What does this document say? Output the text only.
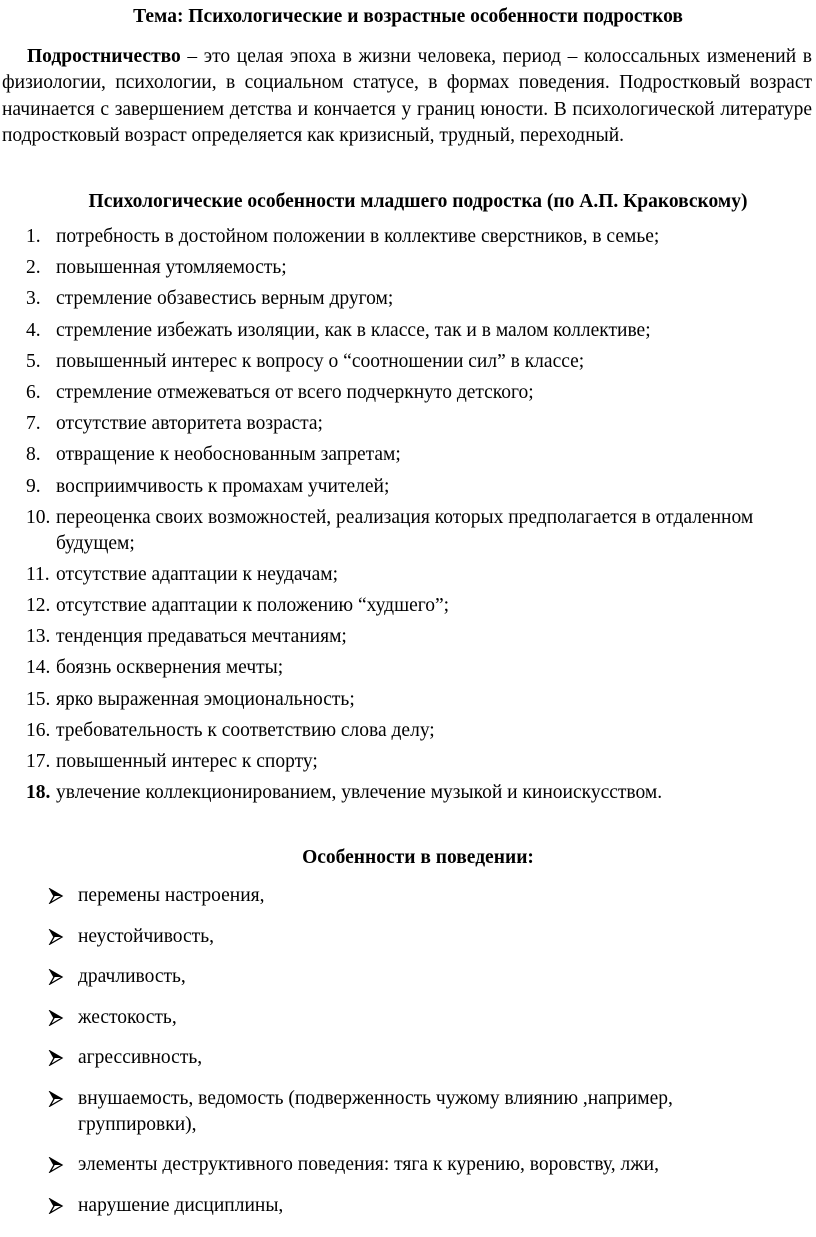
Тема: Психологические и возрастные особенности подростков

Подростничество – это целая эпоха в жизни человека, период – колоссальных изменений в физиологии, психологии, в социальном статусе, в формах поведения. Подростковый возраст начинается с завершением детства и кончается у границ юности. В психологической литературе подростковый возраст определяется как кризисный, трудный, переходный.

Психологические особенности младшего подростка (по А.П. Краковскому)
1. потребность в достойном положении в коллективе сверстников, в семье;
2. повышенная утомляемость;
3. стремление обзавестись верным другом;
4. стремление избежать изоляции, как в классе, так и в малом коллективе;
5. повышенный интерес к вопросу о “соотношении сил” в классе;
6. стремление отмежеваться от всего подчеркнуто детского;
7. отсутствие авторитета возраста;
8. отвращение к необоснованным запретам;
9. восприимчивость к промахам учителей;
10. переоценка своих возможностей, реализация которых предполагается в отдаленном будущем;
11. отсутствие адаптации к неудачам;
12. отсутствие адаптации к положению “худшего”;
13. тенденция предаваться мечтаниям;
14. боязнь осквернения мечты;
15. ярко выраженная эмоциональность;
16. требовательность к соответствию слова делу;
17. повышенный интерес к спорту;
18. увлечение коллекционированием, увлечение музыкой и киноискусством.
Особенности в поведении:
перемены настроения,
неустойчивость,
драчливость,
жестокость,
агрессивность,
внушаемость, ведомость (подверженность чужому влиянию ,например, группировки),
элементы деструктивного поведения: тяга к курению, воровству, лжи,
нарушение дисциплины,
